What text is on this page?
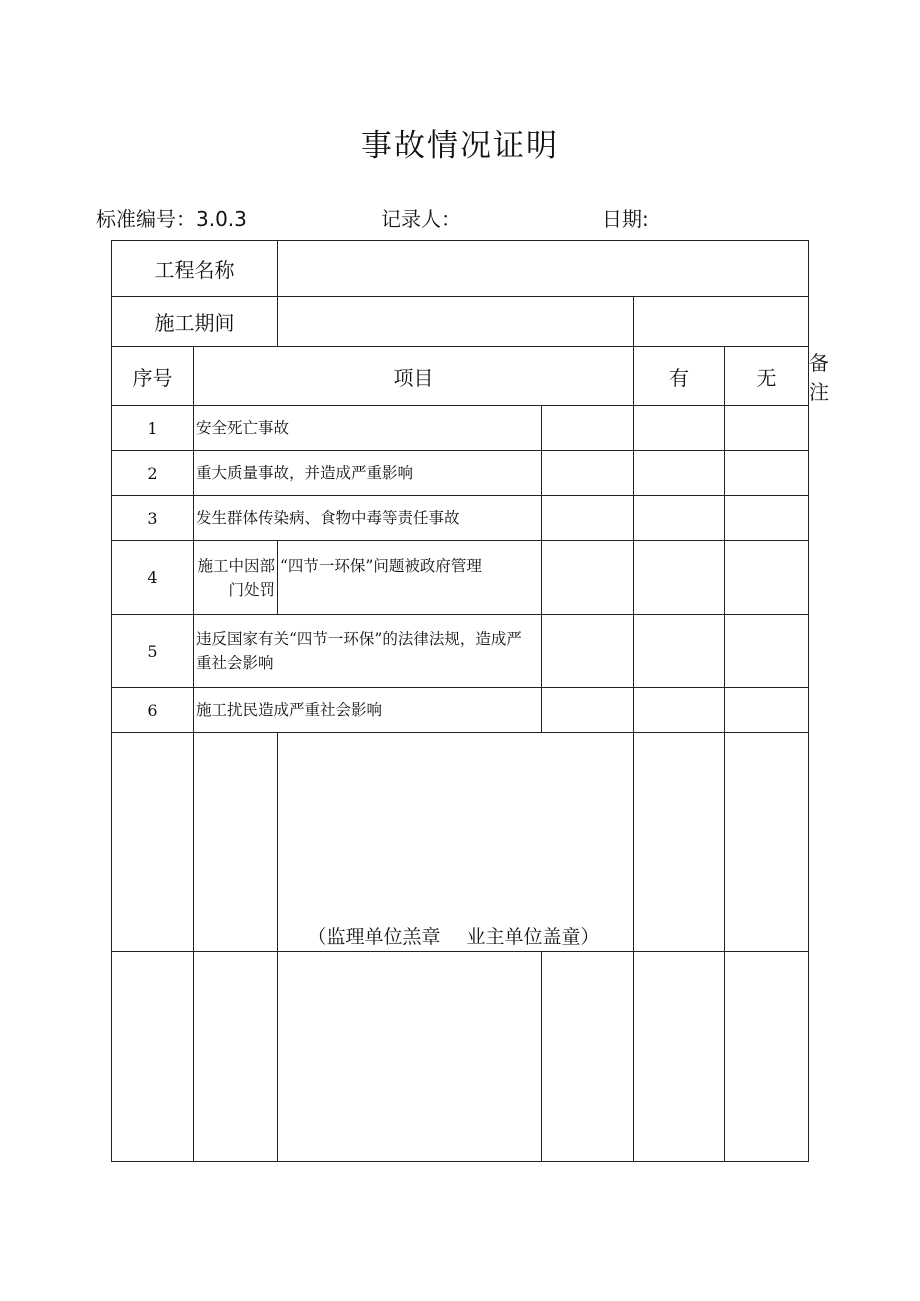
事故情况证明
标准编号：3.0.3	记录人：	日期:
工程名称						
施工期间						
序号	项目			有	无	备注
1	安全死亡事故					
2	重大质量事故，并造成严重影响					
3	发生群体传染病、食物中毒等责任事故					
4	施工中因部门处罚	“四节一环保”问题被政府管理				
5	违反国家有关“四节一环保”的法律法规，造成严重社会影响					
6	施工扰民造成严重社会影响					
		（监理单位羔章 业主单位盖童）				
